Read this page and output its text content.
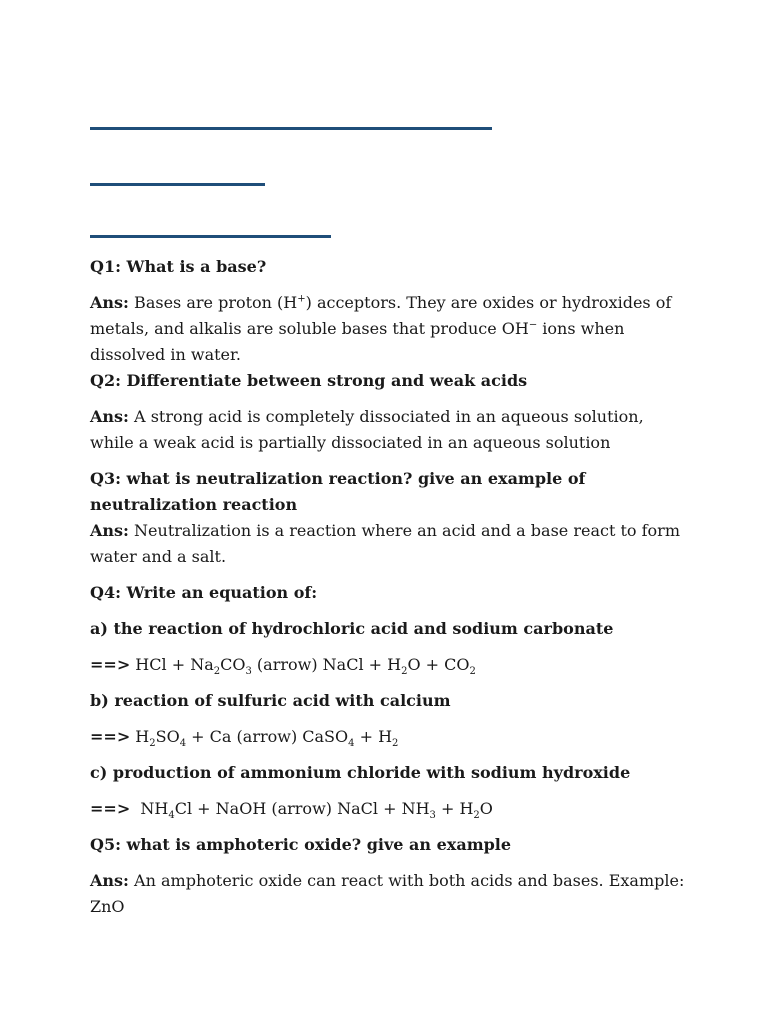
Q1: What is a base?

Ans: Bases are proton (H+) acceptors. They are oxides or hydroxides of metals, and alkalis are soluble bases that produce OH− ions when dissolved in water.

Q2: Differentiate between strong and weak acids

Ans: A strong acid is completely dissociated in an aqueous solution, while a weak acid is partially dissociated in an aqueous solution

Q3: what is neutralization reaction? give an example of neutralization reaction

Ans: Neutralization is a reaction where an acid and a base react to form water and a salt.

Q4: Write an equation of:

a) the reaction of hydrochloric acid and sodium carbonate

==> HCl + $Na_2CO_3$ (arrow) NaCl + $H_2O + CO_2$

b) reaction of sulfuric acid with calcium

==> $H_2SO_4 + Ca$ (arrow) CaSO$_4$ + $H_2$

c) production of ammonium chloride with sodium hydroxide

==>  $NH_4Cl$ + NaOH (arrow) NaCl + $NH_3 + H_2O$

Q5: what is amphoteric oxide? give an example

Ans: An amphoteric oxide can react with both acids and bases. Example: ZnO
